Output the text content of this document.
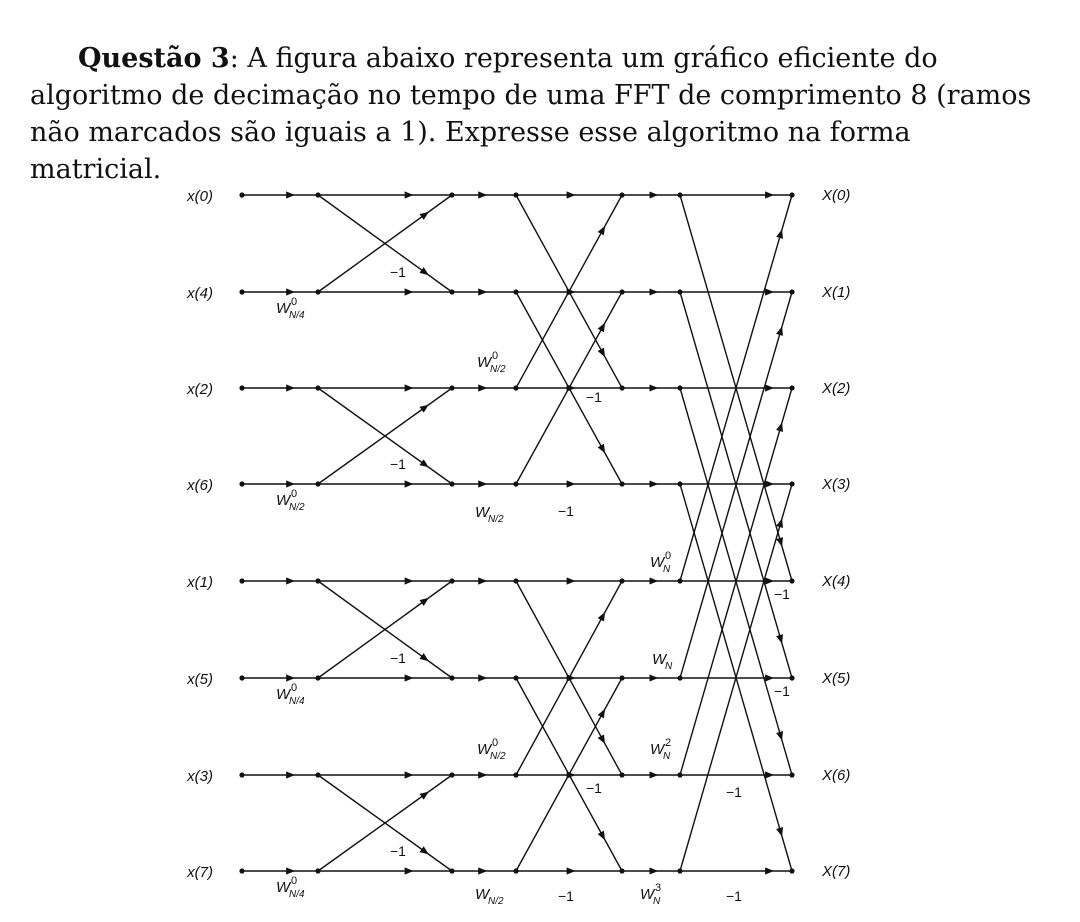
Questão 3: A figura abaixo representa um gráfico eficiente do algoritmo de decimação no tempo de uma FFT de comprimento 8 (ramos não marcados são iguais a 1). Expresse esse algoritmo na forma matricial.

x(0)
x(4)
x(2)
x(6)
x(1)
x(5)
x(3)
x(7)
X(0)
X(1)
X(2)
X(3)
X(4)
X(5)
X(6)
X(7)
W
N/4
0
W
N/2
0
W
N/4
0
W
N/4
0
−1
−1
−1
−1
W
N/2
0
W
N/2
W
N/2
0
W
N/2
−1
−1
−1
−1
W
N
0
W
N
W
N
2
W
N
3
−1
−1
−1
−1
